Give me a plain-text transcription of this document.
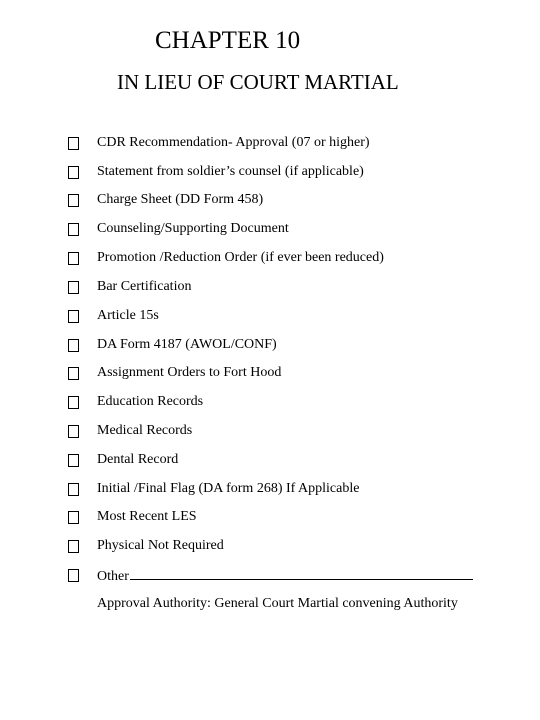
CHAPTER 10
IN LIEU OF COURT MARTIAL
CDR Recommendation- Approval (07 or higher)
Statement from soldier’s counsel (if applicable)
Charge Sheet (DD Form 458)
Counseling/Supporting Document
Promotion /Reduction Order (if ever been reduced)
Bar Certification
Article 15s
DA Form 4187 (AWOL/CONF)
Assignment Orders to Fort Hood
Education Records
Medical Records
Dental Record
Initial /Final Flag (DA form 268) If Applicable
Most Recent LES
Physical Not Required
Other
Approval Authority: General Court Martial convening Authority
